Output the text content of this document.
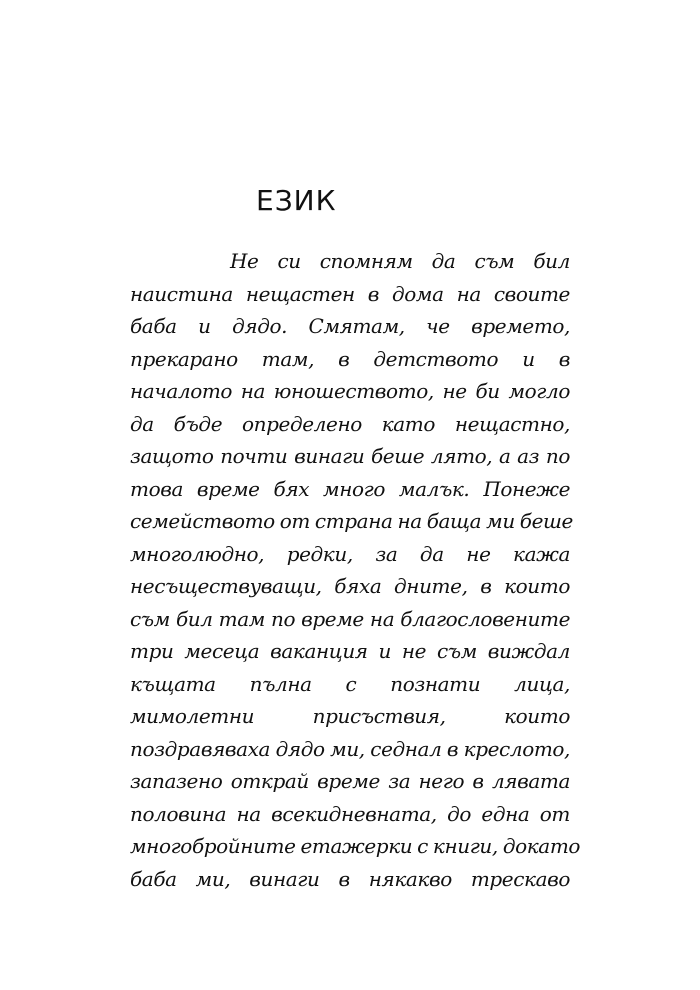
ЕЗИК
Не си спомням да съм бил
наистина нещастен в дома на своите
баба и дядо. Смятам, че времето,
прекарано там, в детството и в
началото на юношеството, не би могло
да бъде определено като нещастно,
защото почти винаги беше лято, а аз по
това време бях много малък. Понеже
семейството от страна на баща ми беше
многолюдно, редки, за да не кажа
несъществуващи, бяха дните, в които
съм бил там по време на благословените
три месеца ваканция и не съм виждал
къщата пълна с познати лица,
мимолетни присъствия, които
поздравяваха дядо ми, седнал в креслото,
запазено открай време за него в лявата
половина на всекидневната, до една от
многобройните етажерки с книги, докато
баба ми, винаги в някакво трескаво
